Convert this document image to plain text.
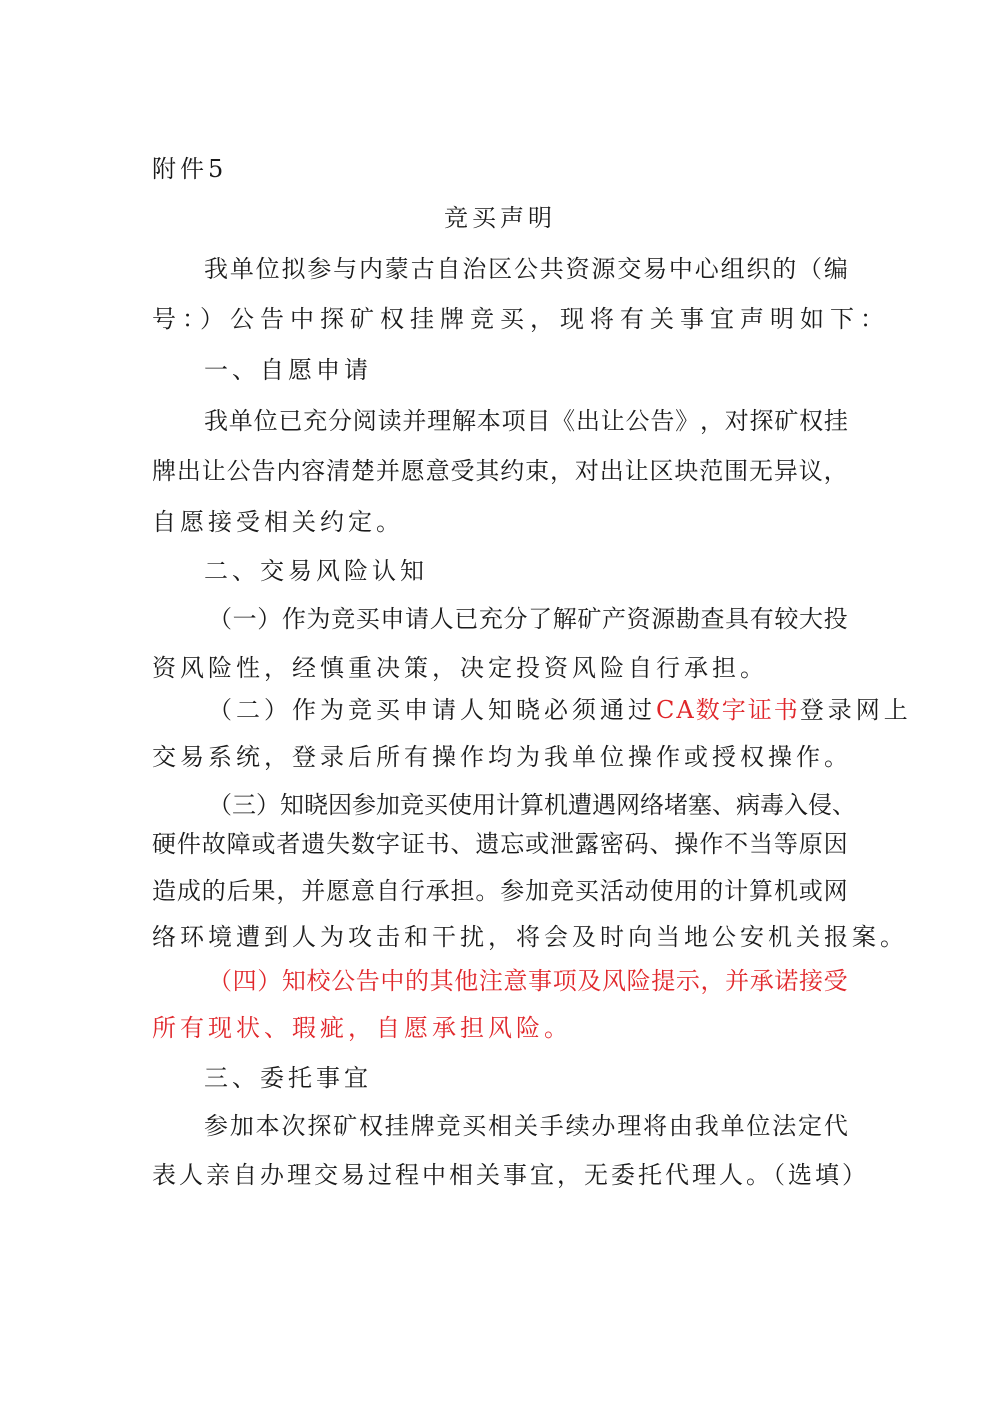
附件5
竞买声明
我 单 位 拟 参 与 内 蒙 古 自 治 区 公 共 资 源 交 易 中 心 组 织 的 （ 编
号：）公告中探矿权挂牌竞买，现将有关事宜声明如下：
一、自愿申请
我 单 位 已 充 分 阅 读 并 理 解 本 项 目 《 出 让 公 告 》 ， 对 探 矿 权 挂
牌 出 让 公 告 内 容 清 楚 并 愿 意 受 其 约 束 ， 对 出 让 区 块 范 围 无 异 议 ，
自愿接受相关约定。
二、交易风险认知
（ 一 ） 作 为 竞 买 申 请 人 已 充 分 了 解 矿 产 资 源 勘 查 具 有 较 大 投
资风险性，经慎重决策，决定投资风险自行承担。
（二）作为竞买申请人知晓必须通过 CA数字证书 登录网上
交易系统，登录后所有操作均为我单位操作或授权操作。
（ 三 ） 知 晓 因 参 加 竞 买 使 用 计 算 机 遭 遇 网 络 堵 塞 、 病 毒 入 侵 、
硬 件 故 障 或 者 遗 失 数 字 证 书 、 遗 忘 或 泄 露 密 码 、 操 作 不 当 等 原 因
造 成 的 后 果 ， 并 愿 意 自 行 承 担 。 参 加 竞 买 活 动 使 用 的 计 算 机 或 网
络环境遭到人为攻击和干扰，将会及时向当地公安机关报案。
（ 四 ） 知 校 公 告 中 的 其 他 注 意 事 项 及 风 险 提 示 ， 并 承 诺 接 受
所有现状、瑕疵，自愿承担风险。
三、委托事宜
参 加 本 次 探 矿 权 挂 牌 竞 买 相 关 手 续 办 理 将 由 我 单 位 法 定 代
表人亲自办理交易过程中相关事宜，无委托代理人。（选填）
